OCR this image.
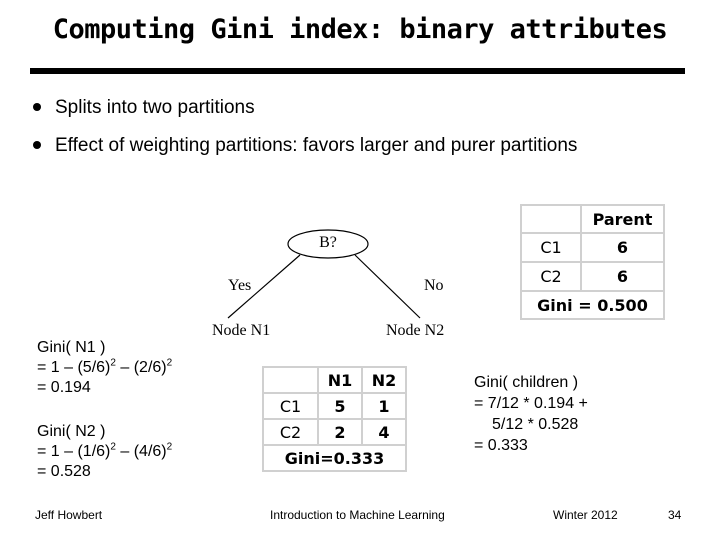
Computing Gini index: binary attributes
Splits into two partitions
Effect of weighting partitions: favors larger and purer partitions
B?
Yes	No
Node N1	Node N2
	Parent
C1	6
C2	6
Gini = 0.500	
	N1	N2
C1	5	1
C2	2	4
Gini=0.333		
Gini( N1 )
= $1 - (5/6)^2 - (2/6)^2$
= 0.194
Gini( N2 )
= $1 - (1/6)^2 - (4/6)^2$
= 0.528
Gini( children )
= 7/12 * 0.194 +
5/12 * 0.528
= 0.333
Jeff Howbert	Introduction to Machine Learning	Winter 2012	34
